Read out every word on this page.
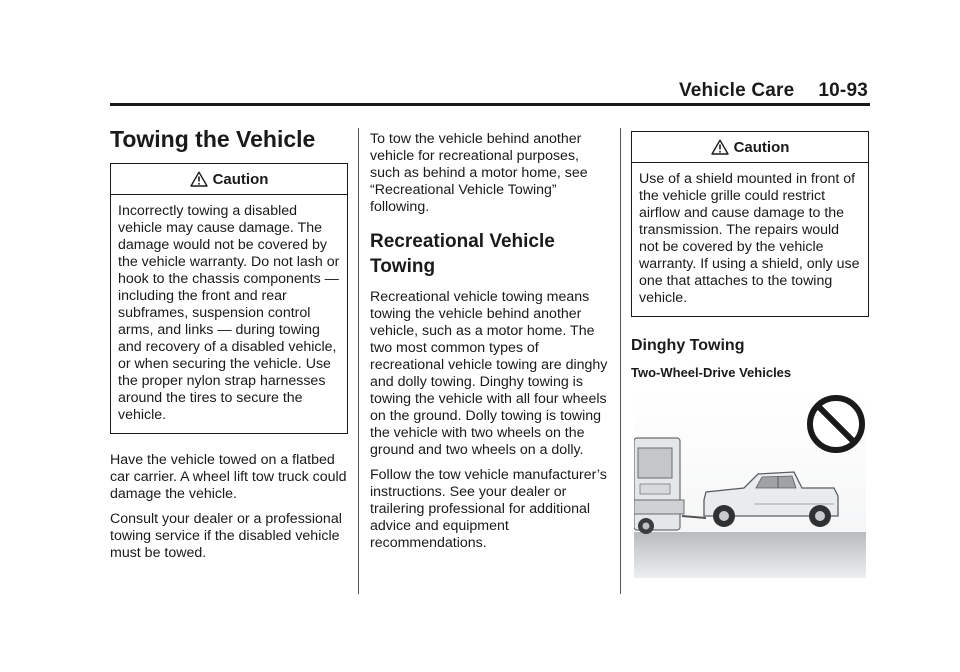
Vehicle Care 10-93
Towing the Vehicle
Caution
Incorrectly towing a disabled vehicle may cause damage. The damage would not be covered by the vehicle warranty. Do not lash or hook to the chassis components — including the front and rear subframes, suspension control arms, and links — during towing and recovery of a disabled vehicle, or when securing the vehicle. Use the proper nylon strap harnesses around the tires to secure the vehicle.

Have the vehicle towed on a flatbed car carrier. A wheel lift tow truck could damage the vehicle.

Consult your dealer or a professional towing service if the disabled vehicle must be towed.

To tow the vehicle behind another vehicle for recreational purposes, such as behind a motor home, see “Recreational Vehicle Towing” following.

Recreational Vehicle Towing

Recreational vehicle towing means towing the vehicle behind another vehicle, such as a motor home. The two most common types of recreational vehicle towing are dinghy and dolly towing. Dinghy towing is towing the vehicle with all four wheels on the ground. Dolly towing is towing the vehicle with two wheels on the ground and two wheels on a dolly.

Follow the tow vehicle manufacturer’s instructions. See your dealer or trailering professional for additional advice and equipment recommendations.

Caution
Use of a shield mounted in front of the vehicle grille could restrict airflow and cause damage to the transmission. The repairs would not be covered by the vehicle warranty. If using a shield, only use one that attaches to the towing vehicle.
Dinghy Towing
Two-Wheel-Drive Vehicles
